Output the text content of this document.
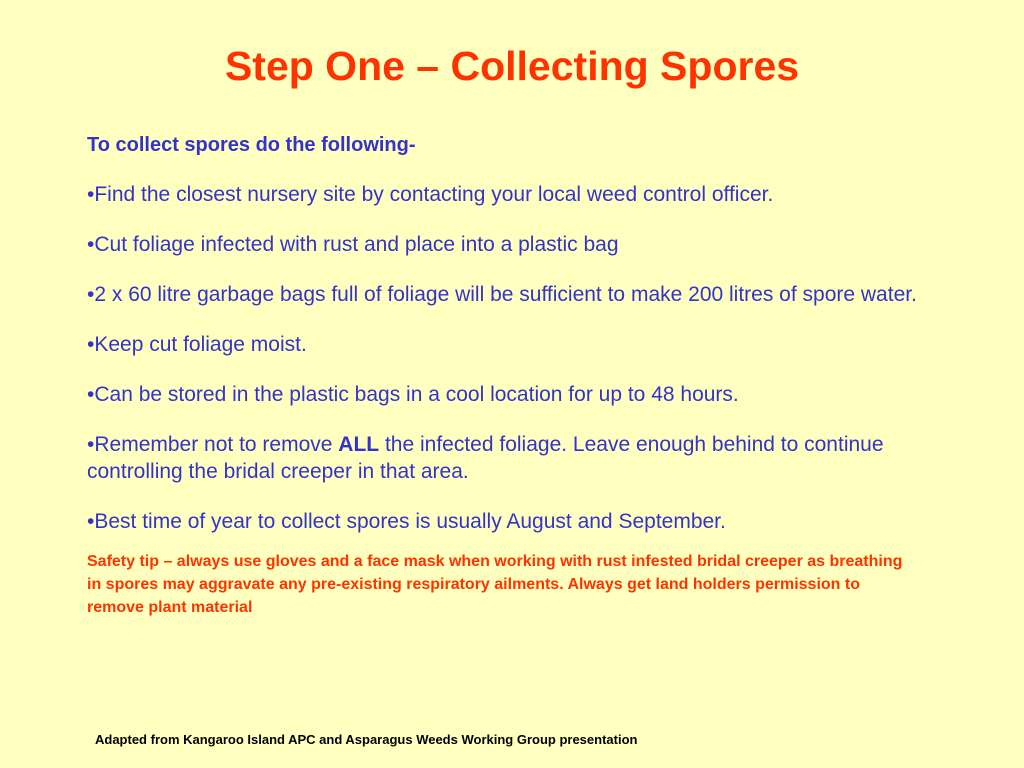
Step One – Collecting Spores

To collect spores do the following-

•Find the closest nursery site by contacting your local weed control officer.
•Cut foliage infected with rust and place into a plastic bag
•2 x 60 litre garbage bags full of foliage will be sufficient to make 200 litres of spore water.
•Keep cut foliage moist.
•Can be stored in the plastic bags in a cool location for up to 48 hours.
•Remember not to remove ALL the infected foliage. Leave enough behind to continue controlling the bridal creeper in that area.
•Best time of year to collect spores is usually August and September.

Safety tip – always use gloves and a face mask when working with rust infested bridal creeper as breathing in spores may aggravate any pre-existing respiratory ailments. Always get land holders permission to remove plant material

Adapted from Kangaroo Island APC and Asparagus Weeds Working Group presentation
